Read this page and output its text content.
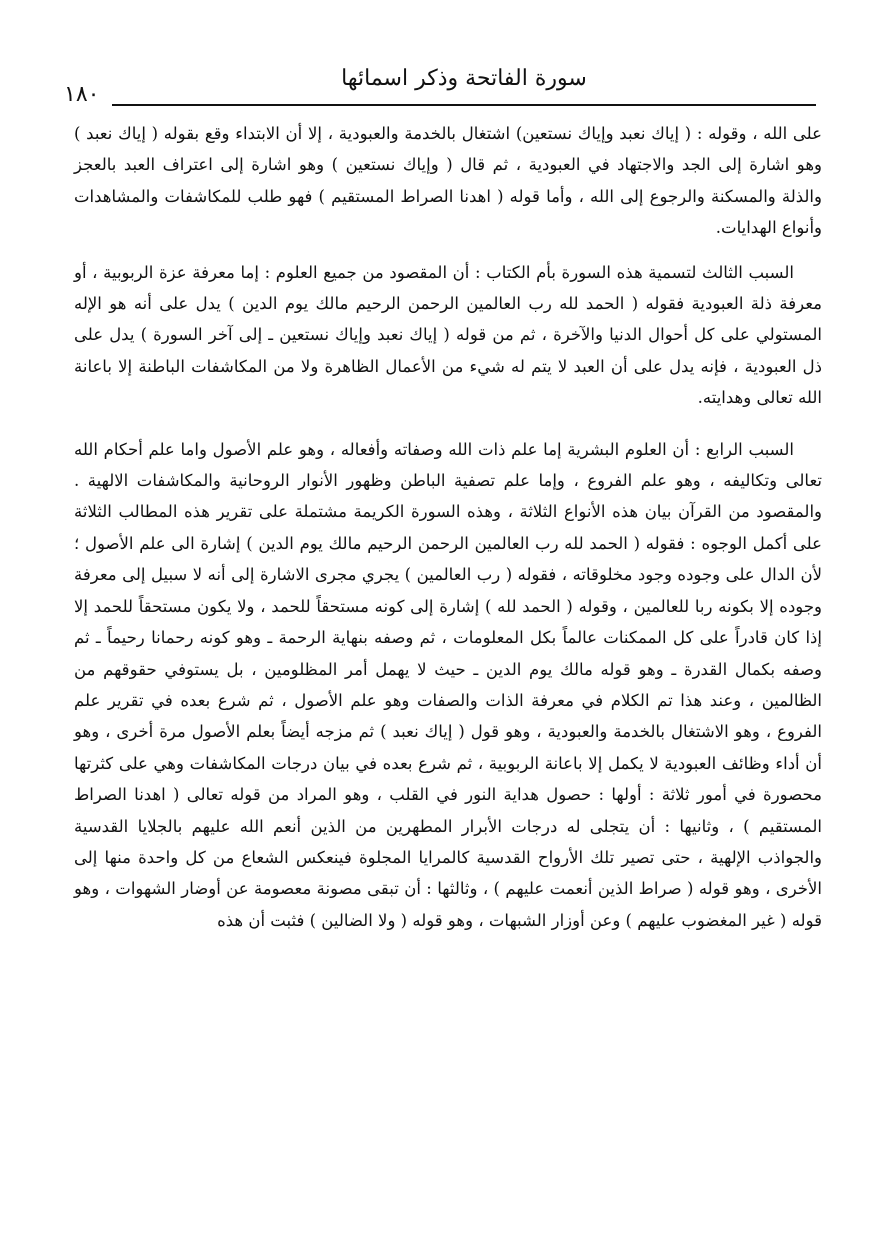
سورة الفاتحة وذكر اسمائها
١٨٠

على الله ، وقوله : ( إياك نعبد وإياك نستعين) اشتغال بالخدمة والعبودية ، إلا أن الابتداء وقع بقوله ( إياك نعبد ) وهو اشارة إلى الجد والاجتهاد في العبودية ، ثم قال ( وإياك نستعين ) وهو اشارة إلى اعتراف العبد بالعجز والذلة والمسكنة والرجوع إلى الله ، وأما قوله ( اهدنا الصراط المستقيم ) فهو طلب للمكاشفات والمشاهدات وأنواع الهدايات.

السبب الثالث لتسمية هذه السورة بأم الكتاب : أن المقصود من جميع العلوم : إما معرفة عزة الربوبية ، أو معرفة ذلة العبودية فقوله ( الحمد لله رب العالمين الرحمن الرحيم مالك يوم الدين ) يدل على أنه هو الإله المستولي على كل أحوال الدنيا والآخرة ، ثم من قوله ( إياك نعبد وإياك نستعين ـ إلى آخر السورة ) يدل على ذل العبودية ، فإنه يدل على أن العبد لا يتم له شيء من الأعمال الظاهرة ولا من المكاشفات الباطنة إلا باعانة الله تعالى وهدايته.

السبب الرابع : أن العلوم البشرية إما علم ذات الله وصفاته وأفعاله ، وهو علم الأصول واما علم أحكام الله تعالى وتكاليفه ، وهو علم الفروع ، وإما علم تصفية الباطن وظهور الأنوار الروحانية والمكاشفات الالهية . والمقصود من القرآن بيان هذه الأنواع الثلاثة ، وهذه السورة الكريمة مشتملة على تقرير هذه المطالب الثلاثة على أكمل الوجوه : فقوله ( الحمد لله رب العالمين الرحمن الرحيم مالك يوم الدين ) إشارة الى علم الأصول ؛ لأن الدال على وجوده وجود مخلوقاته ، فقوله ( رب العالمين ) يجري مجرى الاشارة إلى أنه لا سبيل إلى معرفة وجوده إلا بكونه ربا للعالمين ، وقوله ( الحمد لله ) إشارة إلى كونه مستحقاً للحمد ، ولا يكون مستحقاً للحمد إلا إذا كان قادراً على كل الممكنات عالماً بكل المعلومات ، ثم وصفه بنهاية الرحمة ـ وهو كونه رحمانا رحيماً ـ ثم وصفه بكمال القدرة ـ وهو قوله مالك يوم الدين ـ حيث لا يهمل أمر المظلومين ، بل يستوفي حقوقهم من الظالمين ، وعند هذا تم الكلام في معرفة الذات والصفات وهو علم الأصول ، ثم شرع بعده في تقرير علم الفروع ، وهو الاشتغال بالخدمة والعبودية ، وهو قول ( إياك نعبد ) ثم مزجه أيضاً بعلم الأصول مرة أخرى ، وهو أن أداء وظائف العبودية لا يكمل إلا باعانة الربوبية ، ثم شرع بعده في بيان درجات المكاشفات وهي على كثرتها محصورة في أمور ثلاثة : أولها : حصول هداية النور في القلب ، وهو المراد من قوله تعالى ( اهدنا الصراط المستقيم ) ، وثانيها : أن يتجلى له درجات الأبرار المطهرين من الذين أنعم الله عليهم بالجلايا القدسية والجواذب الإلهية ، حتى تصير تلك الأرواح القدسية كالمرايا المجلوة فينعكس الشعاع من كل واحدة منها إلى الأخرى ، وهو قوله ( صراط الذين أنعمت عليهم ) ، وثالثها : أن تبقى مصونة معصومة عن أوضار الشهوات ، وهو قوله ( غير المغضوب عليهم ) وعن أوزار الشبهات ، وهو قوله ( ولا الضالين ) فثبت أن هذه
